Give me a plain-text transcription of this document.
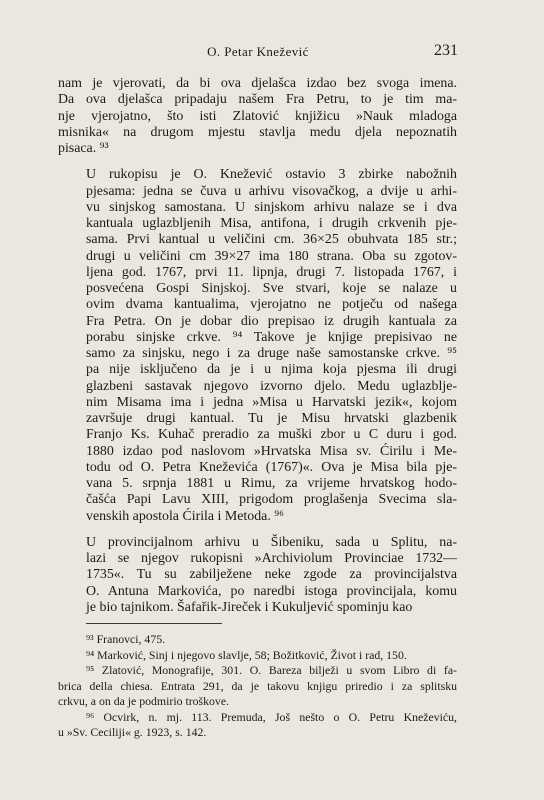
O. Petar Knežević	231

nam je vjerovati, da bi ova djelašca izdao bez svoga imena.
Da ova djelašca pripadaju našem Fra Petru, to je tim ma-
nje vjerojatno, što isti Zlatović knjižicu »Nauk mladoga
misnika« na drugom mjestu stavlja medu djela nepoznatih
pisaca. ⁹³

U rukopisu je O. Knežević ostavio 3 zbirke nabožnih
pjesama: jedna se čuva u arhivu visovačkog, a dvije u arhi-
vu sinjskog samostana. U sinjskom arhivu nalaze se i dva
kantuala uglazbljenih Misa, antifona, i drugih crkvenih pje-
sama. Prvi kantual u veličini cm. 36×25 obuhvata 185 str.;
drugi u veličini cm 39×27 ima 180 strana. Oba su zgotov-
ljena god. 1767, prvi 11. lipnja, drugi 7. listopada 1767, i
posvećena Gospi Sinjskoj. Sve stvari, koje se nalaze u
ovim dvama kantualima, vjerojatno ne potječu od našega
Fra Petra. On je dobar dio prepisao iz drugih kantuala za
porabu sinjske crkve. ⁹⁴ Takove je knjige prepisivao ne
samo za sinjsku, nego i za druge naše samostanske crkve. ⁹⁵
pa nije isključeno da je i u njima koja pjesma ili drugi
glazbeni sastavak njegovo izvorno djelo. Medu uglazblje-
nim Misama ima i jedna »Misa u Harvatski jezik«, kojom
završuje drugi kantual. Tu je Misu hrvatski glazbenik
Franjo Ks. Kuhač preradio za muški zbor u C duru i god.
1880 izdao pod naslovom »Hrvatska Misa sv. Ćirilu i Me-
todu od O. Petra Kneževića (1767)«. Ova je Misa bila pje-
vana 5. srpnja 1881 u Rimu, za vrijeme hrvatskog hodo-
čašća Papi Lavu XIII, prigodom proglašenja Svecima sla-
venskih apostola Ćirila i Metoda. ⁹⁶

U provincijalnom arhivu u Šibeniku, sada u Splitu, na-
lazi se njegov rukopisni »Archiviolum Provinciae 1732—
1735«. Tu su zabilježene neke zgode za provincijalstva
O. Antuna Markovića, po naredbi istoga provincijala, komu
je bio tajnikom. Šafařik-Jireček i Kukuljević spominju kao

⁹³ Franovci, 475.
⁹⁴ Marković, Sinj i njegovo slavlje, 58; Božitković, Život i rad, 150.
⁹⁵ Zlatović, Monografije, 301. O. Bareza bilježi u svom Libro di fa-
brica della chiesa. Entrata 291, da je takovu knjigu priredio i za splitsku
crkvu, a on da je podmirio troškove.
⁹⁶ Ocvirk, n. mj. 113. Premuda, Još nešto o O. Petru Kneževiću,
u »Sv. Ceciliji« g. 1923, s. 142.
